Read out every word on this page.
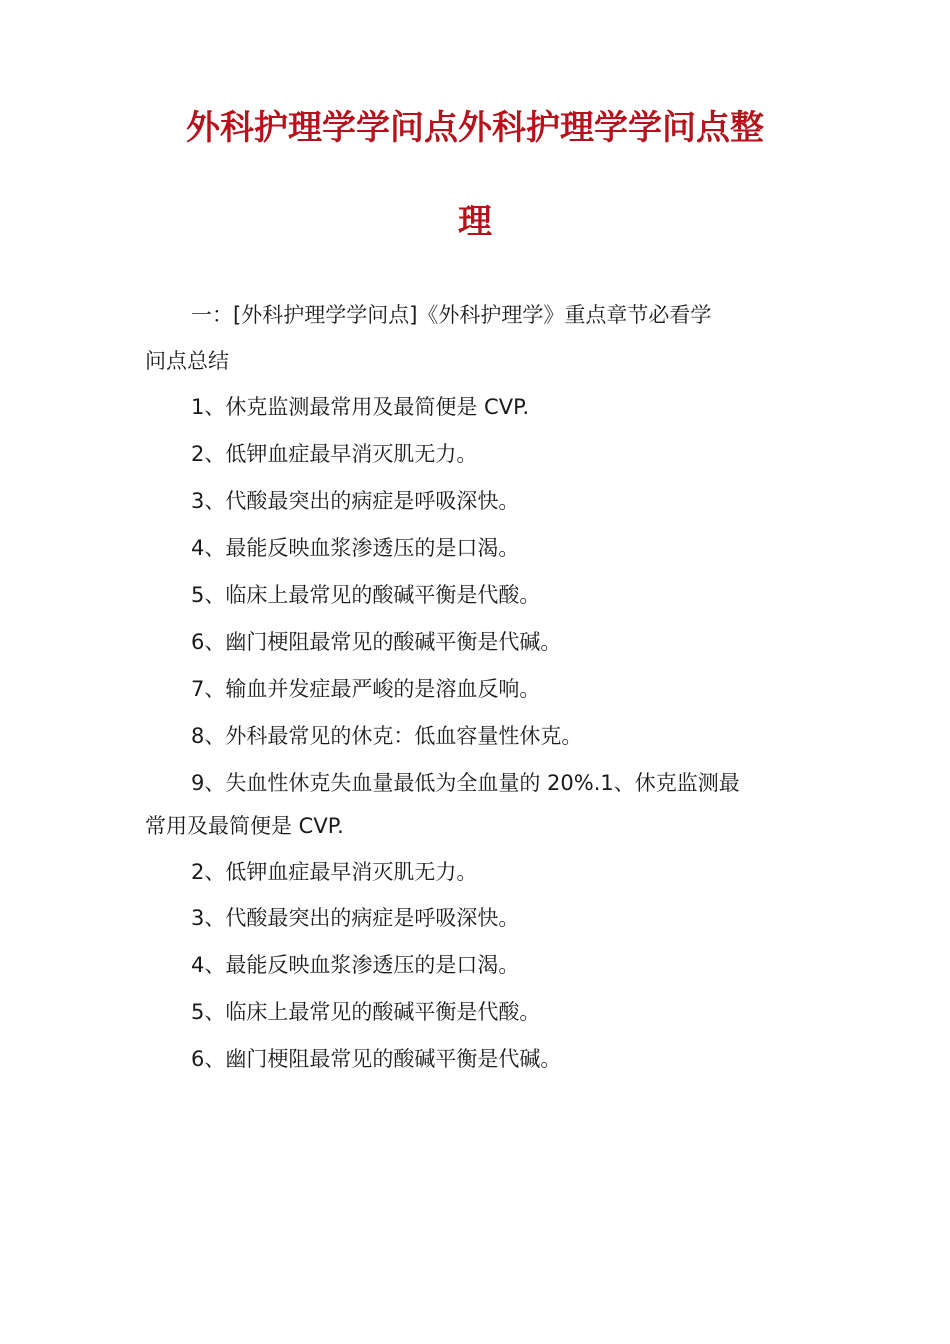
外科护理学学问点外科护理学学问点整
理
一：[外科护理学学问点]《外科护理学》重点章节必看学
问点总结
1、休克监测最常用及最简便是 CVP.
2、低钾血症最早消灭肌无力。
3、代酸最突出的病症是呼吸深快。
4、最能反映血浆渗透压的是口渴。
5、临床上最常见的酸碱平衡是代酸。
6、幽门梗阻最常见的酸碱平衡是代碱。
7、输血并发症最严峻的是溶血反响。
8、外科最常见的休克：低血容量性休克。
9、失血性休克失血量最低为全血量的 20%.1、休克监测最
常用及最简便是 CVP.
2、低钾血症最早消灭肌无力。
3、代酸最突出的病症是呼吸深快。
4、最能反映血浆渗透压的是口渴。
5、临床上最常见的酸碱平衡是代酸。
6、幽门梗阻最常见的酸碱平衡是代碱。
